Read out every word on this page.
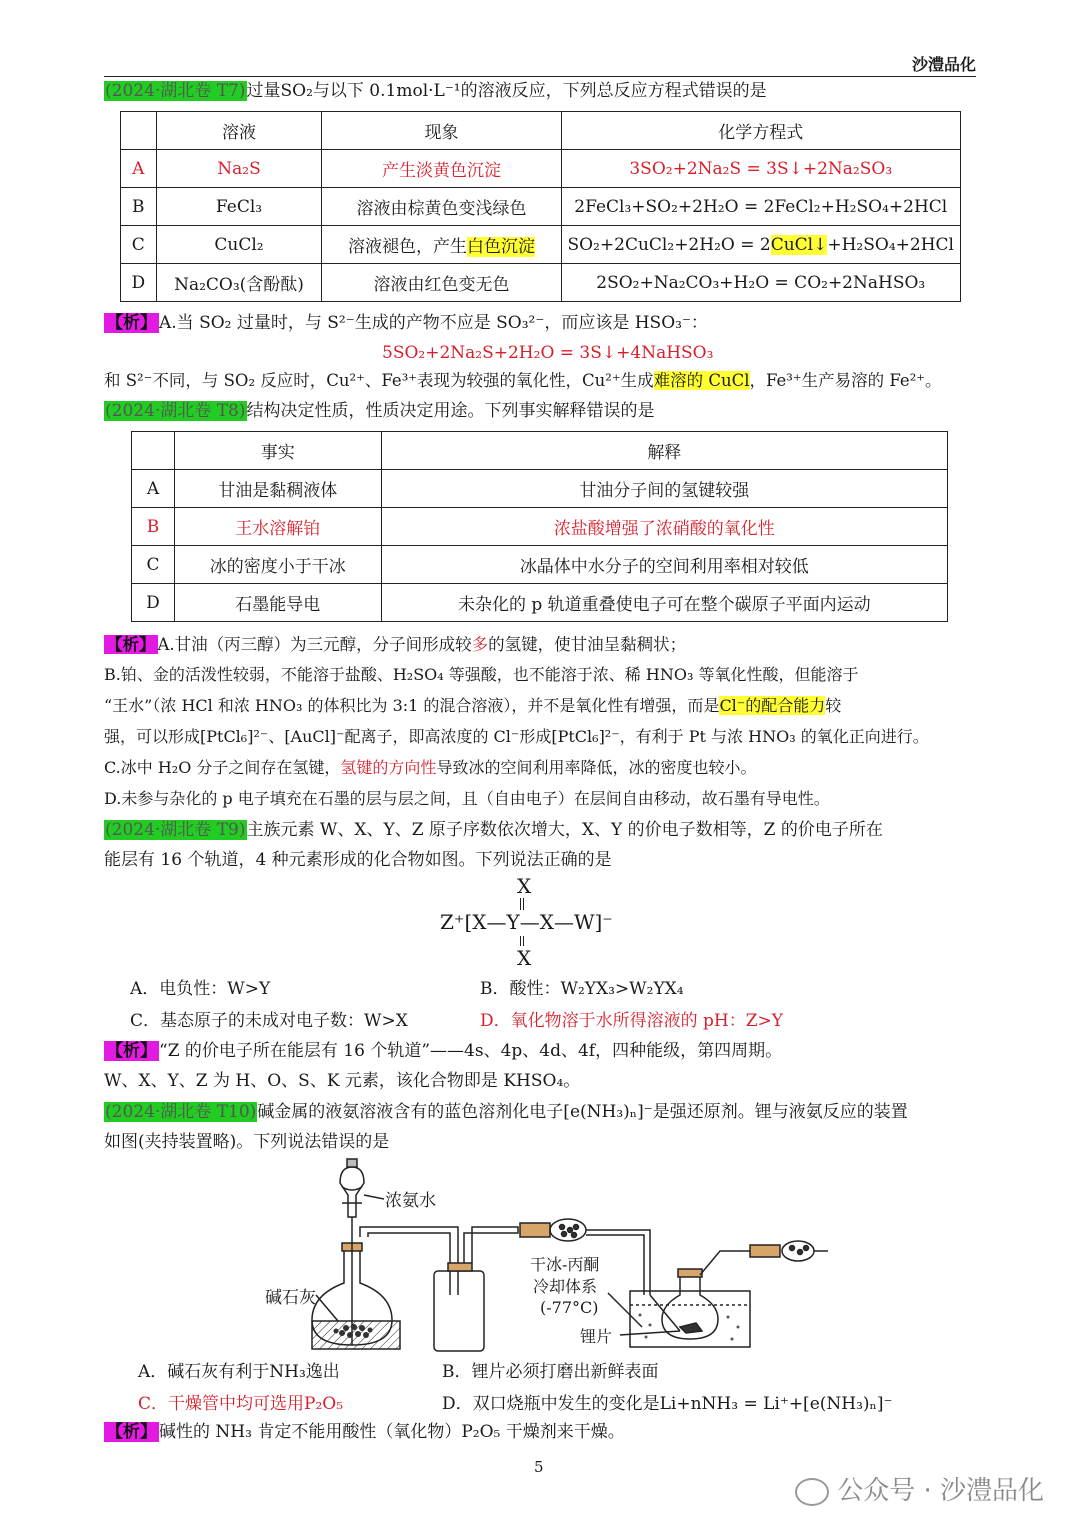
沙澧品化
(2024·湖北卷 T7)过量SO₂与以下 0.1mol·L⁻¹的溶液反应，下列总反应方程式错误的是
	溶液	现象	化学方程式
A	Na₂S	产生淡黄色沉淀	3SO₂+2Na₂S = 3S↓+2Na₂SO₃
B	FeCl₃	溶液由棕黄色变浅绿色	2FeCl₃+SO₂+2H₂O = 2FeCl₂+H₂SO₄+2HCl
C	CuCl₂	溶液褪色，产生白色沉淀	SO₂+2CuCl₂+2H₂O = 2CuCl↓+H₂SO₄+2HCl
D	Na₂CO₃(含酚酞)	溶液由红色变无色	2SO₂+Na₂CO₃+H₂O = CO₂+2NaHSO₃
【析】 A.当 SO₂ 过量时，与 S²⁻生成的产物不应是 SO₃²⁻，而应该是 HSO₃⁻：
5SO₂+2Na₂S+2H₂O = 3S↓+4NaHSO₃
和 S²⁻不同，与 SO₂ 反应时，Cu²⁺、Fe³⁺表现为较强的氧化性，Cu²⁺生成难溶的 CuCl，Fe³⁺生产易溶的 Fe²⁺。
(2024·湖北卷 T8)结构决定性质，性质决定用途。下列事实解释错误的是
	事实	解释
A	甘油是黏稠液体	甘油分子间的氢键较强
B	王水溶解铂	浓盐酸增强了浓硝酸的氧化性
C	冰的密度小于干冰	冰晶体中水分子的空间利用率相对较低
D	石墨能导电	未杂化的 p 轨道重叠使电子可在整个碳原子平面内运动
【析】 A.甘油（丙三醇）为三元醇，分子间形成较多的氢键，使甘油呈黏稠状；
B.铂、金的活泼性较弱，不能溶于盐酸、H₂SO₄ 等强酸，也不能溶于浓、稀 HNO₃ 等氧化性酸，但能溶于
“王水”（浓 HCl 和浓 HNO₃ 的体积比为 3:1 的混合溶液），并不是氧化性有增强，而是Cl⁻的配合能力较
强，可以形成[PtCl₆]²⁻、[AuCl]⁻配离子，即高浓度的 Cl⁻形成[PtCl₆]²⁻，有利于 Pt 与浓 HNO₃ 的氧化正向进行。
C.冰中 H₂O 分子之间存在氢键，氢键的方向性导致冰的空间利用率降低，冰的密度也较小。
D.未参与杂化的 p 电子填充在石墨的层与层之间，且（自由电子）在层间自由移动，故石墨有导电性。
(2024·湖北卷 T9)主族元素 W、X、Y、Z 原子序数依次增大，X、Y 的价电子数相等，Z 的价电子所在
能层有 16 个轨道，4 种元素形成的化合物如图。下列说法正确的是
X
Z⁺[X—Y—X—W]⁻
X
A．电负性：W>Y	B．酸性：W₂YX₃>W₂YX₄
C．基态原子的未成对电子数：W>X	D．氧化物溶于水所得溶液的 pH：Z>Y
【析】 “Z 的价电子所在能层有 16 个轨道”——4s、4p、4d、4f，四种能级，第四周期。
W、X、Y、Z 为 H、O、S、K 元素，该化合物即是 KHSO₄。
(2024·湖北卷 T10)碱金属的液氨溶液含有的蓝色溶剂化电子[e(NH₃)ₙ]⁻是强还原剂。锂与液氨反应的装置
如图(夹持装置略)。下列说法错误的是
浓氨水
碱石灰
干冰-丙酮
冷却体系
(-77°C)
锂片
A．碱石灰有利于NH₃逸出	B．锂片必须打磨出新鲜表面
C．干燥管中均可选用P₂O₅	D．双口烧瓶中发生的变化是Li+nNH₃ = Li⁺+[e(NH₃)ₙ]⁻
【析】 碱性的 NH₃ 肯定不能用酸性（氧化物）P₂O₅ 干燥剂来干燥。
5
公众号 · 沙澧品化
